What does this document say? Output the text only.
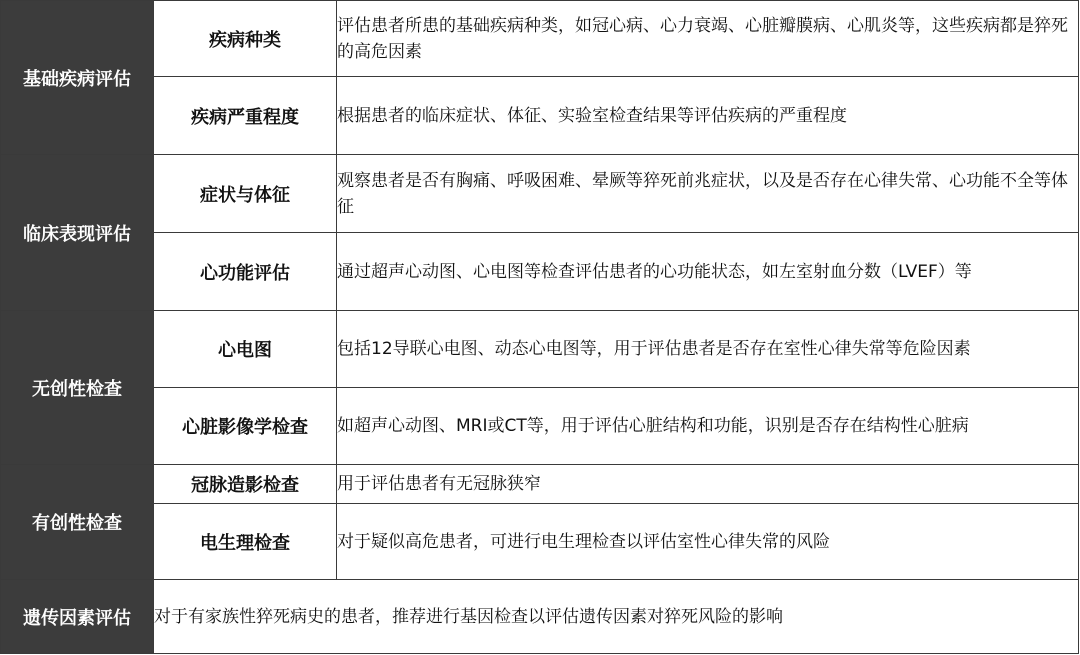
基础疾病评估	疾病种类	评估患者所患的基础疾病种类，如冠心病、心力衰竭、心脏瓣膜病、心肌炎等，这些疾病都是猝死的高危因素
	疾病严重程度	根据患者的临床症状、体征、实验室检查结果等评估疾病的严重程度
临床表现评估	症状与体征	观察患者是否有胸痛、呼吸困难、晕厥等猝死前兆症状，以及是否存在心律失常、心功能不全等体征
	心功能评估	通过超声心动图、心电图等检查评估患者的心功能状态，如左室射血分数（LVEF）等
无创性检查	心电图	包括12导联心电图、动态心电图等，用于评估患者是否存在室性心律失常等危险因素
	心脏影像学检查	如超声心动图、MRI或CT等，用于评估心脏结构和功能，识别是否存在结构性心脏病
有创性检查	冠脉造影检查	用于评估患者有无冠脉狭窄
	电生理检查	对于疑似高危患者，可进行电生理检查以评估室性心律失常的风险
遗传因素评估	对于有家族性猝死病史的患者，推荐进行基因检查以评估遗传因素对猝死风险的影响	
